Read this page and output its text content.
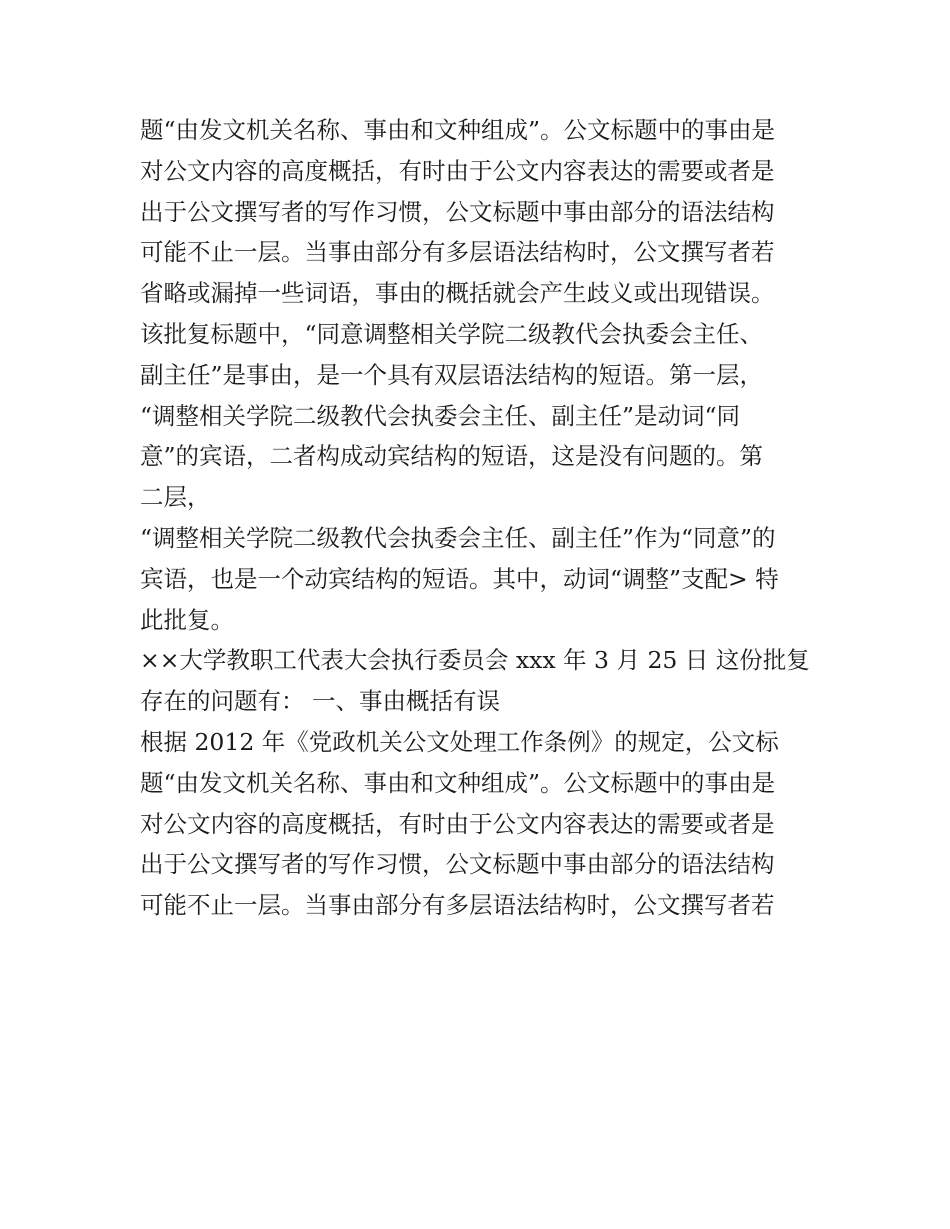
题“由发文机关名称、事由和文种组成”。公文标题中的事由是
对公文内容的高度概括，有时由于公文内容表达的需要或者是
出于公文撰写者的写作习惯，公文标题中事由部分的语法结构
可能不止一层。当事由部分有多层语法结构时，公文撰写者若
省略或漏掉一些词语，事由的概括就会产生歧义或出现错误。
该批复标题中，“同意调整相关学院二级教代会执委会主任、
副主任”是事由，是一个具有双层语法结构的短语。第一层，
“调整相关学院二级教代会执委会主任、副主任”是动词“同
意”的宾语，二者构成动宾结构的短语，这是没有问题的。第
二层，
“调整相关学院二级教代会执委会主任、副主任”作为“同意”的
宾语，也是一个动宾结构的短语。其中，动词“调整”支配> 特
此批复。
××大学教职工代表大会执行委员会 xxx 年 3 月 25 日 这份批复
存在的问题有： 一、事由概括有误
根据 2012 年《党政机关公文处理工作条例》的规定，公文标
题“由发文机关名称、事由和文种组成”。公文标题中的事由是
对公文内容的高度概括，有时由于公文内容表达的需要或者是
出于公文撰写者的写作习惯，公文标题中事由部分的语法结构
可能不止一层。当事由部分有多层语法结构时，公文撰写者若
